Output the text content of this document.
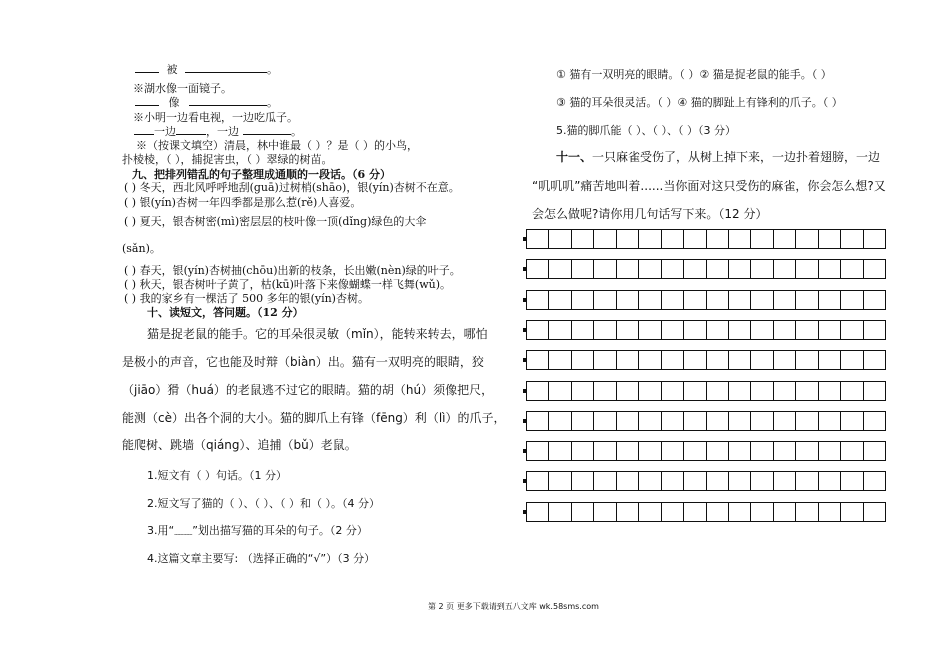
被	。
※湖水像一面镜子。
像	。
※小明一边看电视，一边吃瓜子。
一边	，一边	。
※（按课文填空）清晨，林中谁最（ ）？是（ ）的小鸟，
扑棱棱，（ ），捕捉害虫，（ ）翠绿的树苗。
九、把排列错乱的句子整理成通顺的一段话。（6 分）
( ) 冬天，西北风呼呼地刮(guā)过树梢(shāo)，银(yín)杏树不在意。
( ) 银(yín)杏树一年四季都是那么惹(rě)人喜爱。
( ) 夏天，银杏树密(mì)密层层的枝叶像一顶(dǐng)绿色的大伞
(sǎn)。
( ) 春天，银(yín)杏树抽(chōu)出新的枝条，长出嫩(nèn)绿的叶子。
( ) 秋天，银杏树叶子黄了，枯(kū)叶落下来像蝴蝶一样飞舞(wǔ)。
( ) 我的家乡有一棵活了 500 多年的银(yín)杏树。
十、读短文，答问题。（12 分）
猫是捉老鼠的能手。它的耳朵很灵敏（mǐn），能转来转去，哪怕
是极小的声音，它也能及时辩（biàn）出。猫有一双明亮的眼睛，狡
（jiāo）猾（huá）的老鼠逃不过它的眼睛。猫的胡（hú）须像把尺，
能测（cè）出各个洞的大小。猫的脚爪上有锋（fēng）利（lì）的爪子，
能爬树、跳墙（qiáng）、追捕（bǔ）老鼠。
1.短文有（ ）句话。（1 分）
2.短文写了猫的（ ）、（ ）、（ ）和（ ）。（4 分）
3.用“﹏﹏”划出描写猫的耳朵的句子。（2 分）
4.这篇文章主要写: （选择正确的“√”）（3 分）
① 猫有一双明亮的眼睛。（ ）② 猫是捉老鼠的能手。（ ）
③ 猫的耳朵很灵活。（ ）④ 猫的脚趾上有锋利的爪子。（ ）
5.猫的脚爪能（ ）、（ ）、（ ）（3 分）
十一、一只麻雀受伤了，从树上掉下来，一边扑着翅膀，一边
“叽叽叽”痛苦地叫着......当你面对这只受伤的麻雀，你会怎么想?又
会怎么做呢?请你用几句话写下来。（12 分）
第 2 页 更多下载请到五八文库 wk.58sms.com
